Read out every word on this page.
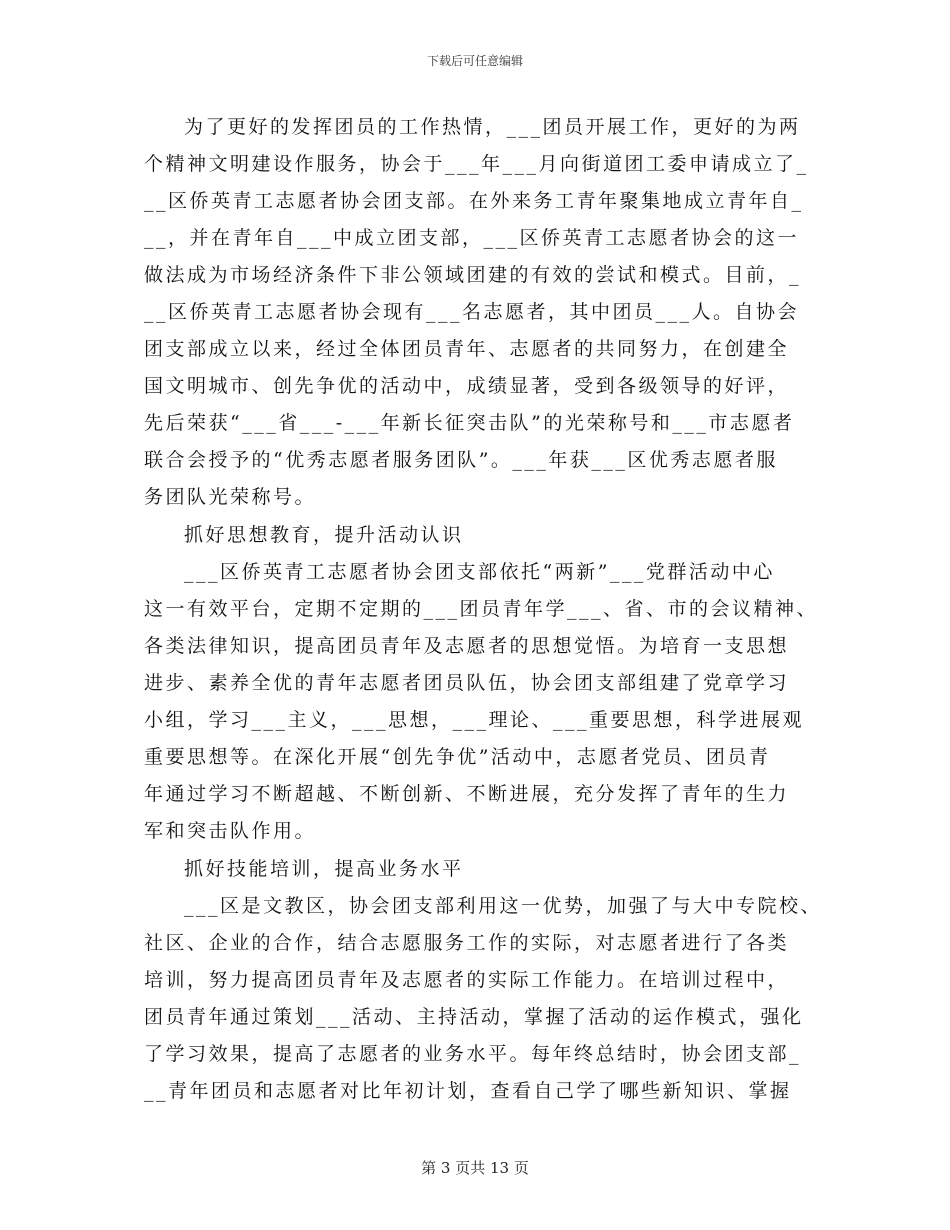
下载后可任意编辑
为了更好的发挥团员的工作热情，___团员开展工作，更好的为两
个精神文明建设作服务，协会于___年___月向街道团工委申请成立了_
__区侨英青工志愿者协会团支部。在外来务工青年聚集地成立青年自_
__，并在青年自___中成立团支部，___区侨英青工志愿者协会的这一
做法成为市场经济条件下非公领域团建的有效的尝试和模式。目前，_
__区侨英青工志愿者协会现有___名志愿者，其中团员___人。自协会
团支部成立以来，经过全体团员青年、志愿者的共同努力，在创建全
国文明城市、创先争优的活动中，成绩显著，受到各级领导的好评，
先后荣获“___省___-___年新长征突击队”的光荣称号和___市志愿者
联合会授予的“优秀志愿者服务团队”。___年获___区优秀志愿者服
务团队光荣称号。
抓好思想教育，提升活动认识
___区侨英青工志愿者协会团支部依托“两新”___党群活动中心
这一有效平台，定期不定期的___团员青年学___、省、市的会议精神、
各类法律知识，提高团员青年及志愿者的思想觉悟。为培育一支思想
进步、素养全优的青年志愿者团员队伍，协会团支部组建了党章学习
小组，学习___主义，___思想，___理论、___重要思想，科学进展观
重要思想等。在深化开展“创先争优”活动中，志愿者党员、团员青
年通过学习不断超越、不断创新、不断进展，充分发挥了青年的生力
军和突击队作用。
抓好技能培训，提高业务水平
___区是文教区，协会团支部利用这一优势，加强了与大中专院校、
社区、企业的合作，结合志愿服务工作的实际，对志愿者进行了各类
培训，努力提高团员青年及志愿者的实际工作能力。在培训过程中，
团员青年通过策划___活动、主持活动，掌握了活动的运作模式，强化
了学习效果，提高了志愿者的业务水平。每年终总结时，协会团支部_
__青年团员和志愿者对比年初计划，查看自己学了哪些新知识、掌握
第 3 页共 13 页
